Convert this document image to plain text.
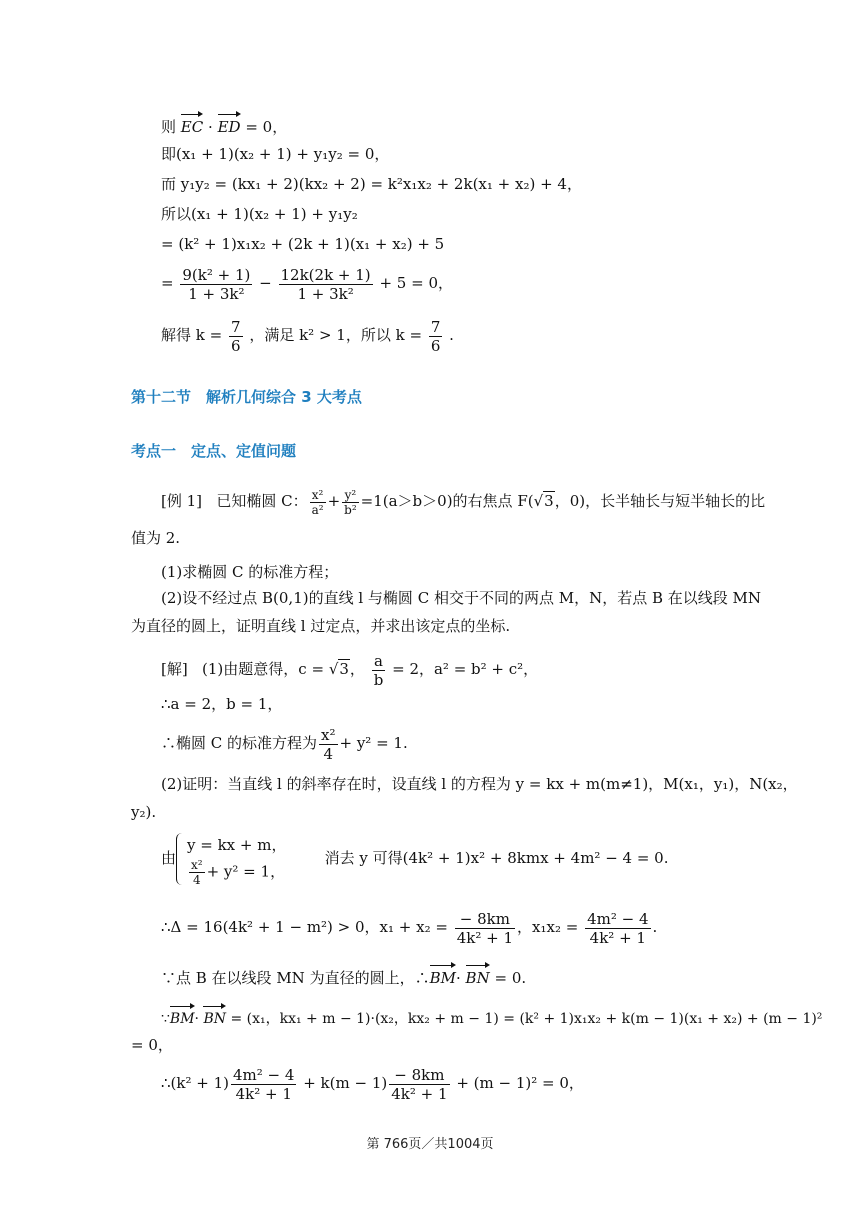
则 EC · ED = 0，
即(x₁ + 1)(x₂ + 1) + y₁y₂ = 0，
而 y₁y₂ = (kx₁ + 2)(kx₂ + 2) = k²x₁x₂ + 2k(x₁ + x₂) + 4，
所以(x₁ + 1)(x₂ + 1) + y₁y₂
= (k² + 1)x₁x₂ + (2k + 1)(x₁ + x₂) + 5
= $\frac{\text{9(k² + 1)}}{\text{1 + 3k²}} - \frac{12k(2k + 1)}{\text{1 + 3k²}} + 5 = 0$，
解得 $k = \frac{7}{6}$ ，满足 k² > 1，所以 $k = \frac{7}{6}$ .
第十二节　解析几何综合 3 大考点
考点一　定点、定值问题
[例 1] 已知椭圆 C： $\frac{\text{x²}}{\text{a²}} + \frac{\text{y²}}{\text{b²}} =1(a>b>0)$的右焦点 F(√3，0)，长半轴长与短半轴长的比
值为 2.
(1)求椭圆 C 的标准方程；
(2)设不经过点 B(0,1)的直线 l 与椭圆 C 相交于不同的两点 M，N，若点 B 在以线段 MN
为直径的圆上，证明直线 l 过定点，并求出该定点的坐标.
[解] (1)由题意得，c = √3， $\frac{a}{b} = 2$，a² = b² + c²，
∴a = 2，b = 1，
∴椭圆 C 的标准方程为 $\frac{\text{x²}}{4} + y^2 = 1$.
(2)证明：当直线 l 的斜率存在时，设直线 l 的方程为 y = kx + m(m≠1)，M(x₁，y₁)，N(x₂，
y₂).
由
y = kx + m，
$\frac{\text{x²}}{4} + y^2 = 1$，
消去 y 可得(4k² + 1)x² + 8kmx + 4m² − 4 = 0.
∴Δ = 16(4k² + 1 − m²) > 0，$x_1 + x_2 = \frac{- 8km}{\text{4k² + 1}}$ ，$x_1x_2 = \frac{\text{4m² − 4}}{\text{4k² + 1}}$ .
∵点 B 在以线段 MN 为直径的圆上，∴BM· BN = 0.
∵BM· BN = (x₁，kx₁ + m − 1)·(x₂，kx₂ + m − 1) = (k² + 1)x₁x₂ + k(m − 1)(x₁ + x₂) + (m − 1)²
= 0，
∴(k² + $1) \frac{\text{4m² − 4}}{\text{4k² + 1}} + k(m - 1) \frac{- 8km}{\text{4k² + 1}} + (m - 1)^2 = 0$，
第 766页／共1004页
